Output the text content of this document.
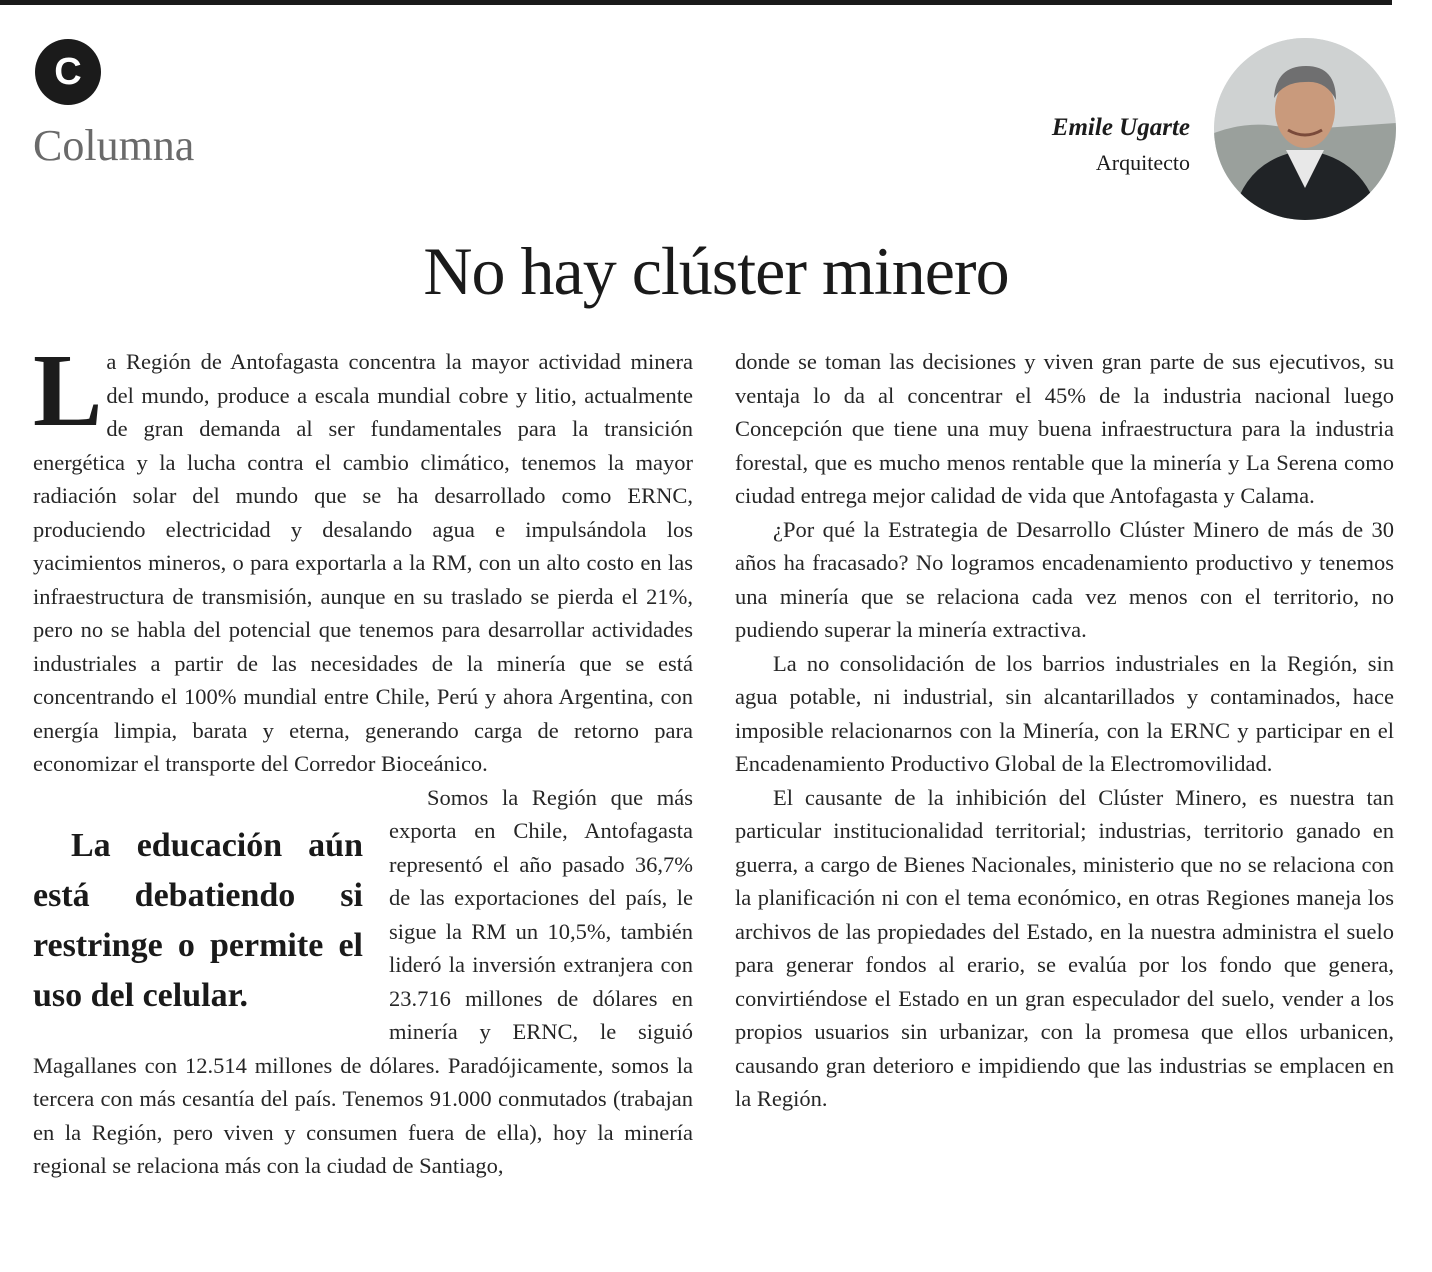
C
Columna	Emile Ugarte
Arquitecto
No hay clúster minero

La Región de Antofagasta concentra la mayor actividad minera del mundo, produce a escala mundial cobre y litio, actualmente de gran demanda al ser fundamentales para la transición energética y la lucha contra el cambio climático, tenemos la mayor radiación solar del mundo que se ha desarrollado como ERNC, produciendo electricidad y desalando agua e impulsándola los yacimientos mineros, o para exportarla a la RM, con un alto costo en las infraestructura de transmisión, aunque en su traslado se pierda el 21%, pero no se habla del potencial que tenemos para desarrollar actividades industriales a partir de las necesidades de la minería que se está concentrando el 100% mundial entre Chile, Perú y ahora Argentina, con energía limpia, barata y eterna, generando carga de retorno para economizar el transporte del Corredor Bioceánico.

La educación aún está debatiendo si restringe o permite el uso del celular.
Somos la Región que más exporta en Chile, Antofagasta representó el año pasado 36,7% de las exportaciones del país, le sigue la RM un 10,5%, también lideró la inversión extranjera con 23.716 millones de dólares en minería y ERNC, le siguió Magallanes con 12.514 millones de dólares. Paradójicamente, somos la tercera con más cesantía del país. Tenemos 91.000 conmutados (trabajan en la Región, pero viven y consumen fuera de ella), hoy la minería regional se relaciona más con la ciudad de Santiago,

donde se toman las decisiones y viven gran parte de sus ejecutivos, su ventaja lo da al concentrar el 45% de la industria nacional luego Concepción que tiene una muy buena infraestructura para la industria forestal, que es mucho menos rentable que la minería y La Serena como ciudad entrega mejor calidad de vida que Antofagasta y Calama.

¿Por qué la Estrategia de Desarrollo Clúster Minero de más de 30 años ha fracasado? No logramos encadenamiento productivo y tenemos una minería que se relaciona cada vez menos con el territorio, no pudiendo superar la minería extractiva.

La no consolidación de los barrios industriales en la Región, sin agua potable, ni industrial, sin alcantarillados y contaminados, hace imposible relacionarnos con la Minería, con la ERNC y participar en el Encadenamiento Productivo Global de la Electromovilidad.

El causante de la inhibición del Clúster Minero, es nuestra tan particular institucionalidad territorial; industrias, territorio ganado en guerra, a cargo de Bienes Nacionales, ministerio que no se relaciona con la planificación ni con el tema económico, en otras Regiones maneja los archivos de las propiedades del Estado, en la nuestra administra el suelo para generar fondos al erario, se evalúa por los fondo que genera, convirtiéndose el Estado en un gran especulador del suelo, vender a los propios usuarios sin urbanizar, con la promesa que ellos urbanicen, causando gran deterioro e impidiendo que las industrias se emplacen en la Región.
